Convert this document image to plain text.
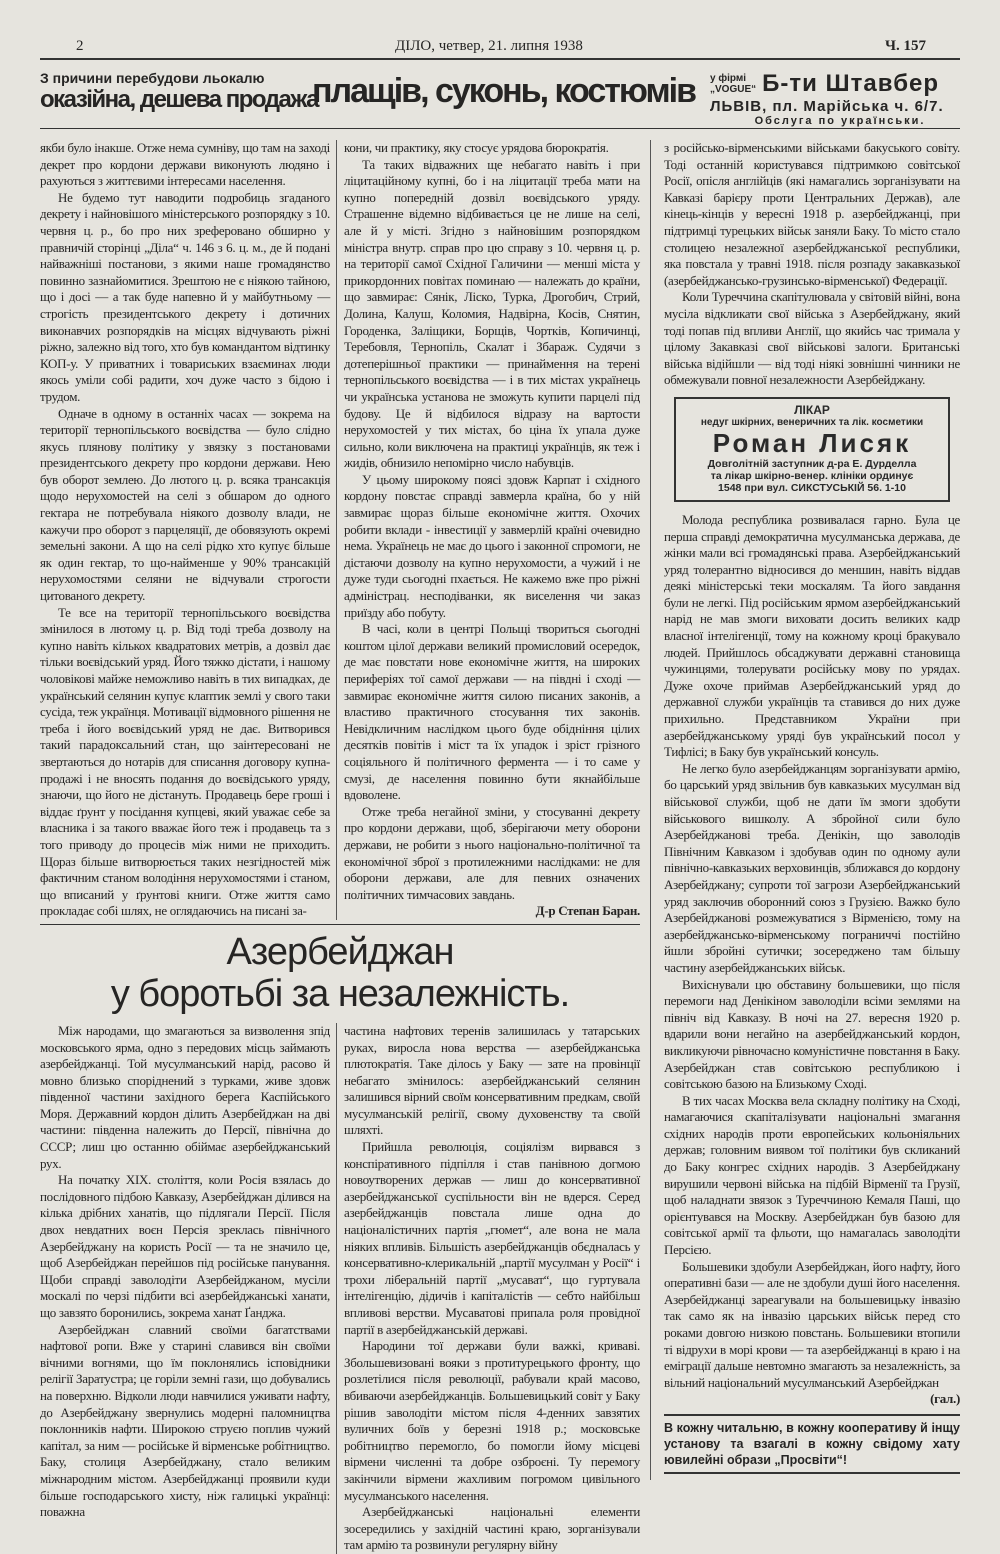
2	ДІЛО, четвер, 21. липня 1938	Ч. 157
З причини перебудови льокалю
оказійна, дешева продажа
плащів, суконь, костюмів у фірмі
„VOGUE“ Б-ти Штавбер
ЛЬВІВ, пл. Марійська ч. 6/7.
Обслуга по українськи.

якби було інакше. Отже нема сумніву, що там на заході декрет про кордони держави виконують людяно і рахуються з життєвими інтересами населення.

Не будемо тут наводити подробиць згаданого декрету і найновішого міністерського розпорядку з 10. червня ц. р., бо про них зреферовано обширно у правничій сторінці „Діла“ ч. 146 з 6. ц. м., де й подані найважніші постанови, з якими наше громадянство повинно зазнайомитися. Зрештою не є ніякою тайною, що і досі — а так буде напевно й у майбутньому — строгість президентського декрету і дотичних виконавчих розпорядків на місцях відчувають ріжні ріжно, залежно від того, хто був командантом відтинку КОП-у. У приватних і товариських взаєминах люди якось уміли собі радити, хоч дуже часто з бідою і трудом.

Одначе в одному в останніх часах — зокрема на території тернопільського воєвідства — було слідно якусь плянову політику у звязку з постановами президентського декрету про кордони держави. Нею був оборот землею. До лютого ц. р. всяка трансакція щодо нерухомостей на селі з обшаром до одного гектара не потребувала ніякого дозволу влади, не кажучи про оборот з парцеляції, де обовязують окремі земельні закони. А що на селі рідко хто купує більше як один гектар, то що-найменше у 90% трансакцій нерухомостями селяни не відчували строгости цитованого декрету.

Те все на території тернопільського воєвідства змінилося в лютому ц. р. Від тоді треба дозволу на купно навіть кількох квадратових метрів, а дозвіл дає тільки воєвідський уряд. Його тяжко дістати, і нашому чоловікові майже неможливо навіть в тих випадках, де український селянин купує клаптик землі у свого таки сусіда, теж українця. Мотивації відмовного рішення не треба і його воєвідський уряд не дає. Витворився такий парадоксальний стан, що заінтересовані не звертаються до нотарів для списання договору купна-продажі і не вносять подання до воєвідського уряду, знаючи, що його не дістануть. Продавець бере гроші і віддає ґрунт у посідання купцеві, який уважає себе за власника і за такого вважає його теж і продавець та з того приводу до процесів між ними не приходить. Щораз більше витворюється таких незгідностей між фактичним станом володіння нерухомостями і станом, що вписаний у ґрунтові книги. Отже життя само прокладає собі шлях, не оглядаючись на писані за-

кони, чи практику, яку стосує урядова бюрократія.

Та таких відважних ще небагато навіть і при ліцитаційному купні, бо і на ліцитації треба мати на купно попередній дозвіл воєвідського уряду. Страшенне відемно відбивається це не лише на селі, але й у місті. Згідно з найновішим розпорядком міністра внутр. справ про цю справу з 10. червня ц. р. на території самої Східної Галичини — менші міста у прикордонних повітах поминаю — належать до країни, що завмирає: Сянік, Ліско, Турка, Дрогобич, Стрий, Долина, Калуш, Коломия, Надвірна, Косів, Снятин, Городенка, Заліщики, Борщів, Чортків, Копичинці, Теребовля, Тернопіль, Скалат і Збараж. Судячи з дотеперішньої практики — принаймення на терені тернопільського воєвідства — і в тих містах українець чи українська установа не зможуть купити парцелі під будову. Це й відбилося відразу на вартости нерухомостей у тих містах, бо ціна їх упала дуже сильно, коли виключена на практиці українців, як теж і жидів, обнизило непомірно число набувців.

У цьому широкому поясі здовж Карпат і східного кордону повстає справді завмерла країна, бо у ній завмирає щораз більше економічне життя. Охочих робити вклади - інвестиції у завмерлій країні очевидно нема. Українець не має до цього і законної спромоги, не дістаючи дозволу на купно нерухомости, а чужий і не дуже туди сьогодні пхається. Не кажемо вже про ріжні адміністрац. несподіванки, як виселення чи заказ приїзду або побуту.

В часі, коли в центрі Польщі твориться сьогодні коштом цілої держави великий промисловий осередок, де має повстати нове економічне життя, на широких периферіях тої самої держави — на півдні і сході — завмирає економічне життя силою писаних законів, а властиво практичного стосування тих законів. Невідкличним наслідком цього буде обідніння цілих десятків повітів і міст та їх упадок і зріст грізного соціяльного й політичного фермента — і то саме у смузі, де населення повинно бути якнайбільше вдоволене.

Отже треба негайної зміни, у стосуванні декрету про кордони держави, щоб, зберігаючи мету оборони держави, не робити з нього національно-політичної та економічної зброї з протилежними наслідками: не для оборони держави, але для певних означених політичних тимчасових завдань.

Д-р Степан Баран.

Азербейджан
у боротьбі за незалежність.

Між народами, що змагаються за визволення зпід московського ярма, одно з передових місць займають азербейджанці. Той мусулманський нарід, расово й мовно близько споріднений з турками, живе здовж південної частини західного берега Каспійського Моря. Державний кордон ділить Азербейджан на дві частини: південна належить до Персії, північна до СССР; лиш цю останню обіймає азербейджанський рух.

На початку XIX. століття, коли Росія взялась до послідовного підбою Кавказу, Азербейджан ділився на кілька дрібних ханатів, що підлягали Персії. Після двох невдатних воєн Персія зреклась північного Азербейджану на користь Росії — та не значило це, щоб Азербейджан перейшов під російське панування. Щоби справді заволодіти Азербейджаном, мусіли москалі по черзі підбити всі азербейджанські ханати, що завзято боронились, зокрема ханат Ґанджа.

Азербейджан славний своїми багатствами нафтової ропи. Вже у старині славився він своїми вічними вогнями, що їм поклонялись ісповідники релігії Заратустра; це горіли земні гази, що добувались на поверхню. Відколи люди навчилися уживати нафту, до Азербейджану звернулись модерні паломництва поклонників нафти. Широкою струєю поплив чужий капітал, за ним — російське й вірменське робітництво. Баку, столиця Азербейджану, стало великим міжнародним містом. Азербейджанці проявили куди більше господарського хисту, ніж галицькі українці: поважна

частина нафтових теренів залишилась у татарських руках, виросла нова верства — азербейджанська плютократія. Таке ділось у Баку — зате на провінції небагато змінилось: азербейджанський селянин залишився вірний своїм консервативним предкам, своїй мусулманській релігії, свому духовенству та своїй шляхті.

Прийшла революція, соціялізм вирвався з конспіративного підпілля і став панівною догмою новоутворених держав — лиш до консервативної азербейджанської суспільности він не вдерся. Серед азербейджанців повстала лише одна до націоналістичних партія „гюмет“, але вона не мала ніяких впливів. Більшість азербейджанців обєдналась у консервативно-клерикальній „партії мусулман у Росії“ і трохи ліберальній партії „мусават“, що гуртувала інтелігенцію, дідичів і капіталістів — себто найбільш впливові верстви. Мусаватові припала роля провідної партії в азербейджанській державі.

Народини тої держави були важкі, криваві. Збольшевизовані вояки з протитурецького фронту, що розлетілися після революції, рабували край масово, вбиваючи азербейджанців. Большевицький совіт у Баку рішив заволодіти містом після 4-денних завзятих вуличних боїв у березні 1918 р.; московське робітництво перемогло, бо помогли йому місцеві вірмени численні та добре озброєні. Ту перемогу закінчили вірмени жахливим погромом цивільного мусулманського населення.

Азербейджанські національні елементи зосередились у західній частині краю, зорганізували там армію та розвинули регулярну війну

з російсько-вірменськими військами бакуського совіту. Тоді останній користувався підтримкою совітської Росії, опісля англійців (які намагались зорганізувати на Кавказі барієру проти Центральних Держав), але кінець-кінців у вересні 1918 р. азербейджанці, при підтримці турецьких військ заняли Баку. То місто стало столицею незалежної азербейджанської республики, яка повстала у травні 1918. після розпаду закавказької (азербейджансько-грузинсько-вірменської) Федерації.

Коли Туреччина скапітулювала у світовій війні, вона мусіла відкликати свої війська з Азербейджану, який тоді попав під впливи Англії, що якийсь час тримала у цілому Закавказі свої військові залоги. Британські війська відійшли — від тоді ніякі зовнішні чинники не обмежували повної незалежности Азербейджану.

ЛІКАР
недуг шкірних, венеричних та лік. косметики
Роман Лисяк
Довголітній заступник д-ра Е. Дурделла
та лікар шкірно-венер. клініки ординує
1548 при вул. СИКСТУСЬКІЙ 56. 1-10

Молода республика розвивалася гарно. Була це перша справді демократична мусулманська держава, де жінки мали всі громадянські права. Азербейджанський уряд толерантно відносився до меншин, навіть віддав деякі міністерські теки москалям. Та його завдання були не легкі. Під російським ярмом азербейджанський нарід не мав змоги виховати досить великих кадр власної інтелігенції, тому на кожному кроці бракувало людей. Прийшлось обсаджувати державні становища чужинцями, толерувати російську мову по урядах. Дуже охоче приймав Азербейджанський уряд до державної служби українців та ставився до них дуже прихильно. Представником України при азербейджанському уряді був український посол у Тифлісі; в Баку був український консуль.

Не легко було азербейджанцям зорганізувати армію, бо царський уряд звільнив був кавказьких мусулман від військової служби, щоб не дати їм змоги здобути військового вишколу. А збройної сили було Азербейджанові треба. Денікін, що заволодів Північним Кавказом і здобував один по одному аули північно-кавказьких верховинців, зближався до кордону Азербейджану; супроти тої загрози Азербейджанський уряд заключив оборонний союз з Грузією. Важко було Азербейджанові розмежуватися з Вірменією, тому на азербейджансько-вірменському пограниччі постійно йшли збройні сутички; зосереджено там більшу частину азербейджанських військ.

Вихіснували цю обставину большевики, що після перемоги над Денікіном заволоділи всіми землями на північ від Кавказу. В ночі на 27. вересня 1920 р. вдарили вони негайно на азербейджанський кордон, викликуючи рівночасно комуністичне повстання в Баку. Азербейджан став совітською республикою і совітською базою на Близькому Сході.

В тих часах Москва вела складну політику на Сході, намагаючися скапіталізувати національні змагання східних народів проти европейських кольоніяльних держав; головним виявом тої політики був скликаний до Баку конгрес східних народів. З Азербейджану вирушили червоні війська на підбій Вірменії та Грузії, щоб наладнати звязок з Туреччиною Кемаля Паші, що орієнтувався на Москву. Азербейджан був базою для совітської армії та фльоти, що намагалась заволодіти Персією.

Большевики здобули Азербейджан, його нафту, його оперативні бази — але не здобули душі його населення. Азербейджанці зареагували на большевицьку інвазію так само як на інвазію царських військ перед сто роками довгою низкою повстань. Большевики втопили ті відрухи в морі крови — та азербейджанці в краю і на еміграції дальше невтомно змагають за незалежність, за вільний національний мусулманський Азербейджан

(гал.)

В кожну читальню, в кожну кооперативу й інщу установу та взагалі в кожну свідому хату ювилейні образи „Просвіти“!
